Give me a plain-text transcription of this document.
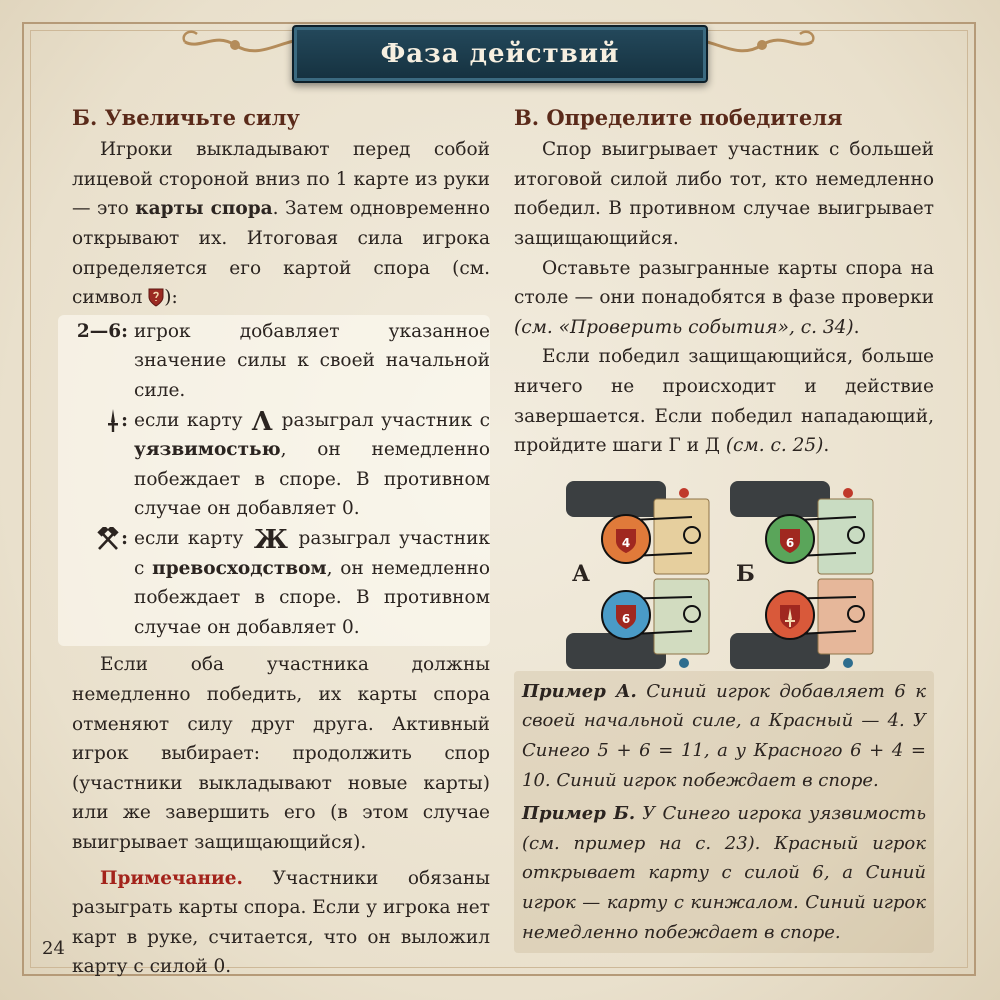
Фаза действий
Б. Увеличьте силу

Игроки выкладывают перед собой лицевой стороной вниз по 1 карте из руки — это карты спора. Затем одновременно открывают их. Итоговая сила игрока определяется его картой спора (см. символ ):

2—6: игрок добавляет указанное значение силы к своей начальной силе.
: если карту Λ разыграл участник с уязвимостью, он немедленно побеждает в споре. В противном случае он добавляет 0.
: если карту Ж разыграл участник с превосходством, он немедленно побеждает в споре. В противном случае он добавляет 0.

Если оба участника должны немедленно победить, их карты спора отменяют силу друг друга. Активный игрок выбирает: продолжить спор (участники выкладывают новые карты) или же завершить его (в этом случае выигрывает защищающийся).

Примечание. Участники обязаны разыграть карты спора. Если у игрока нет карт в руке, считается, что он выложил карту с силой 0.

В. Определите победителя

Спор выигрывает участник с большей итоговой силой либо тот, кто немедленно победил. В противном случае выигрывает защищающийся.

Оставьте разыгранные карты спора на столе — они понадобятся в фазе проверки (см. «Проверить события», с. 34).

Если победил защищающийся, больше ничего не происходит и действие завершается. Если победил нападающий, пройдите шаги Г и Д (см. с. 25).

А	Б
4
6
6

Пример А. Синий игрок добавляет 6 к своей начальной силе, а Красный — 4. У Синего 5 + 6 = 11, а у Красного 6 + 4 = 10. Синий игрок побеждает в споре.

Пример Б. У Синего игрока уязвимость (см. пример на с. 23). Красный игрок открывает карту с силой 6, а Синий игрок — карту с кинжалом. Синий игрок немедленно побеждает в споре.

24
